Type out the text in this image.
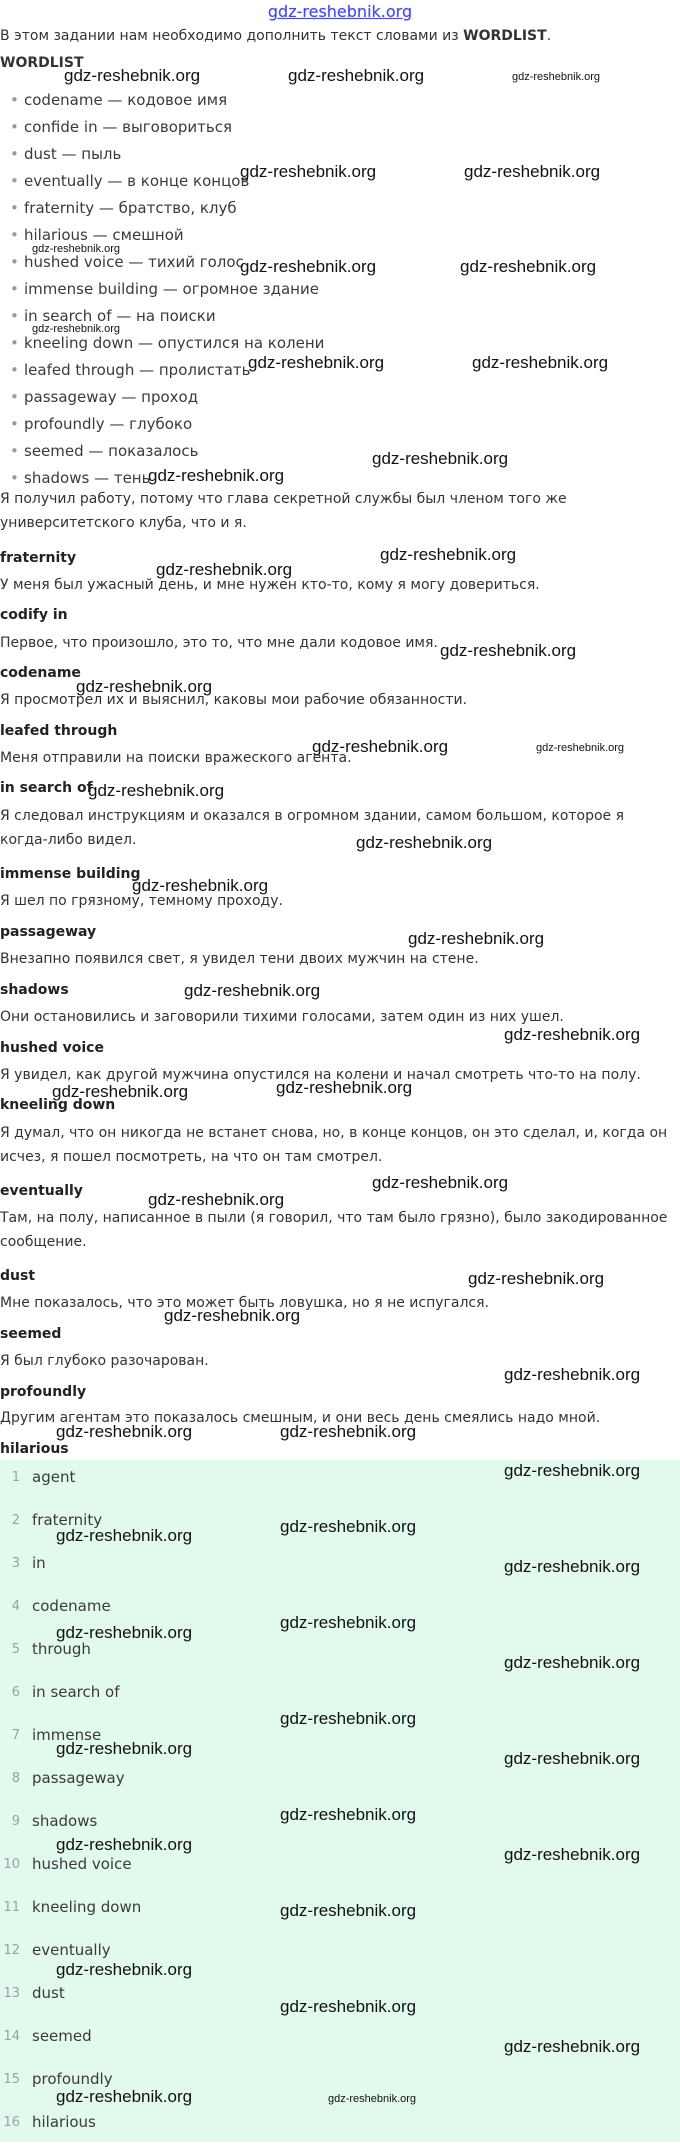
gdz-reshebnik.org
В этом задании нам необходимо дополнить текст словами из WORDLIST.
WORDLIST
• codename — кодовое имя
• confide in — выговориться
• dust — пыль
• eventually — в конце концов
• fraternity — братство, клуб
• hilarious — смешной
• hushed voice — тихий голос
• immense building — огромное здание
• in search of — на поиски
• kneeling down — опустился на колени
• leafed through — пролистать
• passageway — проход
• profoundly — глубоко
• seemed — показалось
• shadows — тень
Я получил работу, потому что глава секретной службы был членом того же университетского клуба, что и я.
fraternity
У меня был ужасный день, и мне нужен кто-то, кому я могу довериться.
codify in
Первое, что произошло, это то, что мне дали кодовое имя.
codename
Я просмотрел их и выяснил, каковы мои рабочие обязанности.
leafed through
Меня отправили на поиски вражеского агента.
in search of
Я следовал инструкциям и оказался в огромном здании, самом большом, которое я когда-либо видел.
immense building
Я шел по грязному, темному проходу.
passageway
Внезапно появился свет, я увидел тени двоих мужчин на стене.
shadows
Они остановились и заговорили тихими голосами, затем один из них ушел.
hushed voice
Я увидел, как другой мужчина опустился на колени и начал смотреть что-то на полу.
kneeling down
Я думал, что он никогда не встанет снова, но, в конце концов, он это сделал, и, когда он исчез, я пошел посмотреть, на что он там смотрел.
eventually
Там, на полу, написанное в пыли (я говорил, что там было грязно), было закодированное сообщение.
dust
Мне показалось, что это может быть ловушка, но я не испугался.
seemed
Я был глубоко разочарован.
profoundly
Другим агентам это показалось смешным, и они весь день смеялись надо мной.
hilarious
1 agent
2 fraternity
3 in
4 codename
5 through
6 in search of
7 immense
8 passageway
9 shadows
10 hushed voice
11 kneeling down
12 eventually
13 dust
14 seemed
15 profoundly
16 hilarious
gdz-reshebnik.org	gdz-reshebnik.org	gdz-reshebnik.org
gdz-reshebnik.org	gdz-reshebnik.org
gdz-reshebnik.org
gdz-reshebnik.org	gdz-reshebnik.org
gdz-reshebnik.org
gdz-reshebnik.org	gdz-reshebnik.org
gdz-reshebnik.org
gdz-reshebnik.org
gdz-reshebnik.org
gdz-reshebnik.org
gdz-reshebnik.org
gdz-reshebnik.org
gdz-reshebnik.org	gdz-reshebnik.org
gdz-reshebnik.org
gdz-reshebnik.org
gdz-reshebnik.org
gdz-reshebnik.org
gdz-reshebnik.org
gdz-reshebnik.org
gdz-reshebnik.org
gdz-reshebnik.org
gdz-reshebnik.org
gdz-reshebnik.org
gdz-reshebnik.org
gdz-reshebnik.org
gdz-reshebnik.org
gdz-reshebnik.org	gdz-reshebnik.org
gdz-reshebnik.org
gdz-reshebnik.org
gdz-reshebnik.org
gdz-reshebnik.org
gdz-reshebnik.org
gdz-reshebnik.org
gdz-reshebnik.org
gdz-reshebnik.org
gdz-reshebnik.org
gdz-reshebnik.org
gdz-reshebnik.org
gdz-reshebnik.org
gdz-reshebnik.org
gdz-reshebnik.org
gdz-reshebnik.org
gdz-reshebnik.org
gdz-reshebnik.org
gdz-reshebnik.org	gdz-reshebnik.org
